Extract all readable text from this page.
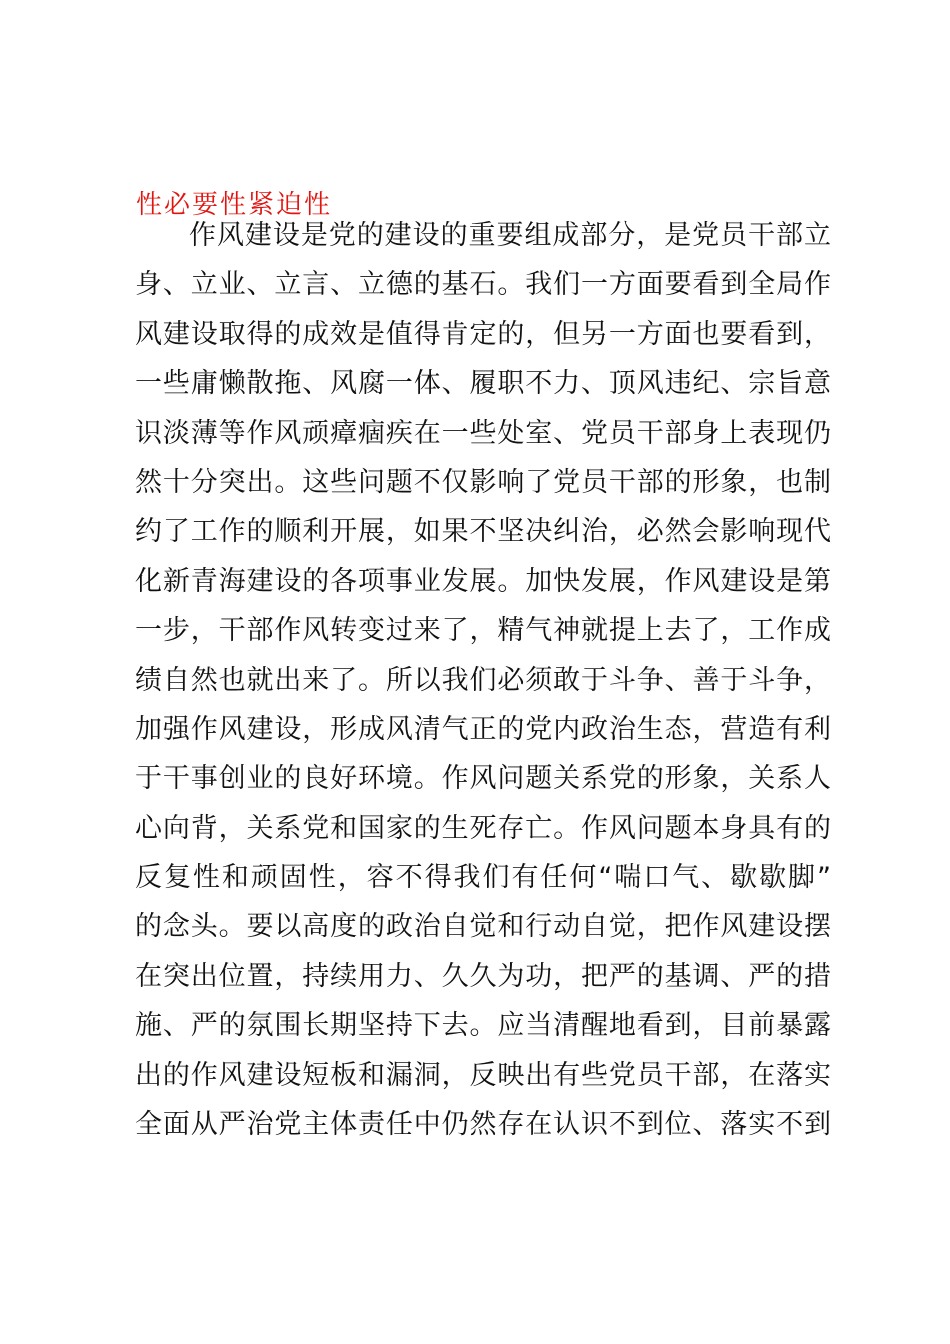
性必要性紧迫性
作风建设是党的建设的重要组成部分，是党员干部立
身、立业、立言、立德的基石。我们一方面要看到全局作
风建设取得的成效是值得肯定的，但另一方面也要看到，
一些庸懒散拖、风腐一体、履职不力、顶风违纪、宗旨意
识淡薄等作风顽瘴痼疾在一些处室、党员干部身上表现仍
然十分突出。这些问题不仅影响了党员干部的形象，也制
约了工作的顺利开展，如果不坚决纠治，必然会影响现代
化新青海建设的各项事业发展。加快发展，作风建设是第
一步，干部作风转变过来了，精气神就提上去了，工作成
绩自然也就出来了。所以我们必须敢于斗争、善于斗争，
加强作风建设，形成风清气正的党内政治生态，营造有利
于干事创业的良好环境。作风问题关系党的形象，关系人
心向背，关系党和国家的生死存亡。作风问题本身具有的
反复性和顽固性，容不得我们有任何“喘口气、歇歇脚”
的念头。要以高度的政治自觉和行动自觉，把作风建设摆
在突出位置，持续用力、久久为功，把严的基调、严的措
施、严的氛围长期坚持下去。应当清醒地看到，目前暴露
出的作风建设短板和漏洞，反映出有些党员干部，在落实
全面从严治党主体责任中仍然存在认识不到位、落实不到
